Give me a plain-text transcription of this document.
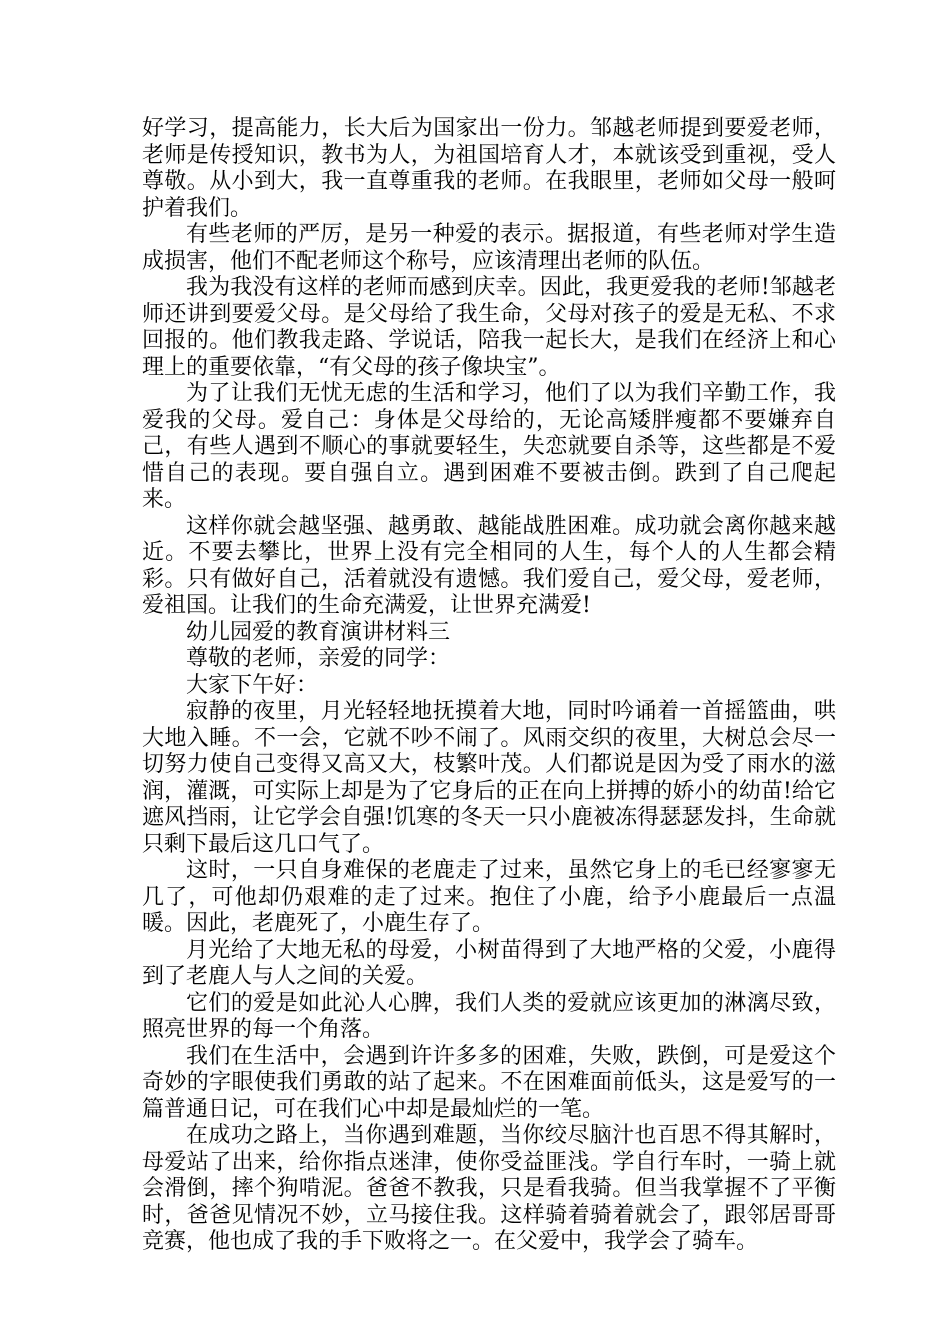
好学习，提高能力，长大后为国家出一份力。邹越老师提到要爱老师，老师是传授知识，教书为人，为祖国培育人才，本就该受到重视，受人尊敬。从小到大，我一直尊重我的老师。在我眼里，老师如父母一般呵护着我们。

有些老师的严厉，是另一种爱的表示。据报道，有些老师对学生造成损害，他们不配老师这个称号，应该清理出老师的队伍。

我为我没有这样的老师而感到庆幸。因此，我更爱我的老师!邹越老师还讲到要爱父母。是父母给了我生命，父母对孩子的爱是无私、不求回报的。他们教我走路、学说话，陪我一起长大，是我们在经济上和心理上的重要依靠，“有父母的孩子像块宝”。

为了让我们无忧无虑的生活和学习，他们了以为我们辛勤工作，我爱我的父母。爱自己：身体是父母给的，无论高矮胖瘦都不要嫌弃自己，有些人遇到不顺心的事就要轻生，失恋就要自杀等，这些都是不爱惜自己的表现。要自强自立。遇到困难不要被击倒。跌到了自己爬起来。

这样你就会越坚强、越勇敢、越能战胜困难。成功就会离你越来越近。不要去攀比，世界上没有完全相同的人生，每个人的人生都会精彩。只有做好自己，活着就没有遗憾。我们爱自己，爱父母，爱老师，爱祖国。让我们的生命充满爱，让世界充满爱!

幼儿园爱的教育演讲材料三

尊敬的老师，亲爱的同学：

大家下午好：

寂静的夜里，月光轻轻地抚摸着大地，同时吟诵着一首摇篮曲，哄大地入睡。不一会，它就不吵不闹了。风雨交织的夜里，大树总会尽一切努力使自己变得又高又大，枝繁叶茂。人们都说是因为受了雨水的滋润，灌溉，可实际上却是为了它身后的正在向上拼搏的娇小的幼苗!给它遮风挡雨，让它学会自强!饥寒的冬天一只小鹿被冻得瑟瑟发抖，生命就只剩下最后这几口气了。

这时，一只自身难保的老鹿走了过来，虽然它身上的毛已经寥寥无几了，可他却仍艰难的走了过来。抱住了小鹿，给予小鹿最后一点温暖。因此，老鹿死了，小鹿生存了。

月光给了大地无私的母爱，小树苗得到了大地严格的父爱，小鹿得到了老鹿人与人之间的关爱。

它们的爱是如此沁人心脾，我们人类的爱就应该更加的淋漓尽致，照亮世界的每一个角落。

我们在生活中，会遇到许许多多的困难，失败，跌倒，可是爱这个奇妙的字眼使我们勇敢的站了起来。不在困难面前低头，这是爱写的一篇普通日记，可在我们心中却是最灿烂的一笔。

在成功之路上，当你遇到难题，当你绞尽脑汁也百思不得其解时，母爱站了出来，给你指点迷津，使你受益匪浅。学自行车时，一骑上就会滑倒，摔个狗啃泥。爸爸不教我，只是看我骑。但当我掌握不了平衡时，爸爸见情况不妙，立马接住我。这样骑着骑着就会了，跟邻居哥哥竞赛，他也成了我的手下败将之一。在父爱中，我学会了骑车。
